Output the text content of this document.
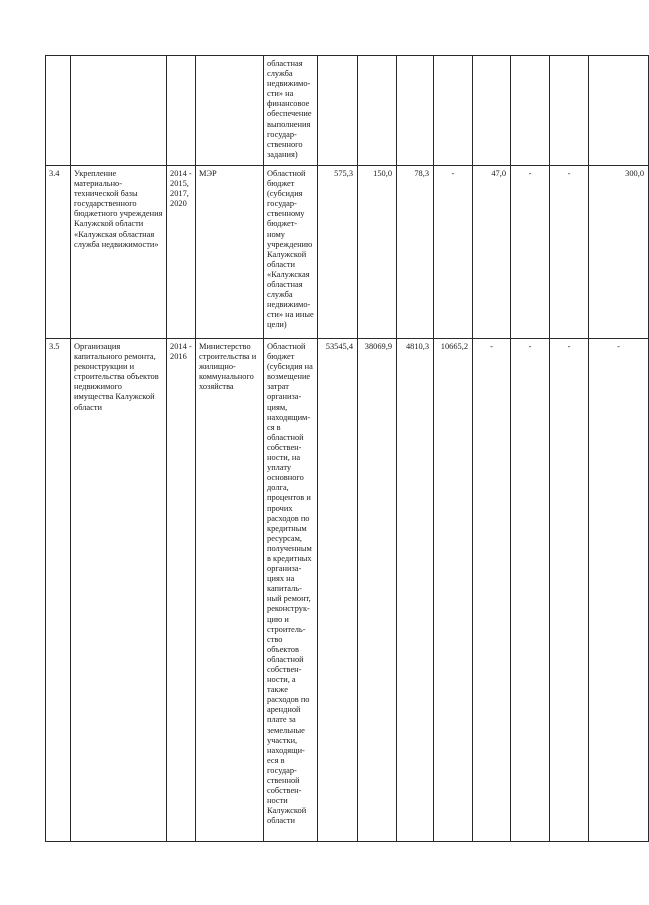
				областная служба недвижимо-сти» на финансовое обеспечение выполнения государ-ственного задания)								
3.4	Укрепление материально-технической базы государственного бюджетного учреждения Калужской области «Калужская областная служба недвижимости»	2014 - 2015, 2017, 2020	МЭР	Областной бюджет (субсидия государ-ственному бюджет-ному учреждению Калужской области «Калужская областная служба недвижимо-сти» на иные цели)	575,3	150,0	78,3	-	47,0	-	-	300,0
3.5	Организация капитального ремонта, реконструкции и строительства объектов недвижимого имущества Калужской области	2014 - 2016	Министерство строительства и жилищно-коммунального хозяйства	Областной бюджет (субсидия на возмещение затрат организа-циям, находящим-ся в областной собствен-ности, на уплату основного долга, процентов и прочих расходов по кредитным ресурсам, полученным в кредитных организа-циях на капиталь-ный ремонт, реконструк-цию и строитель-ство объектов областной собствен-ности, а также расходов по арендной плате за земельные участки, находящи-еся в государ-ственной собствен-ности Калужской области	53545,4	38069,9	4810,3	10665,2	-	-	-	-
